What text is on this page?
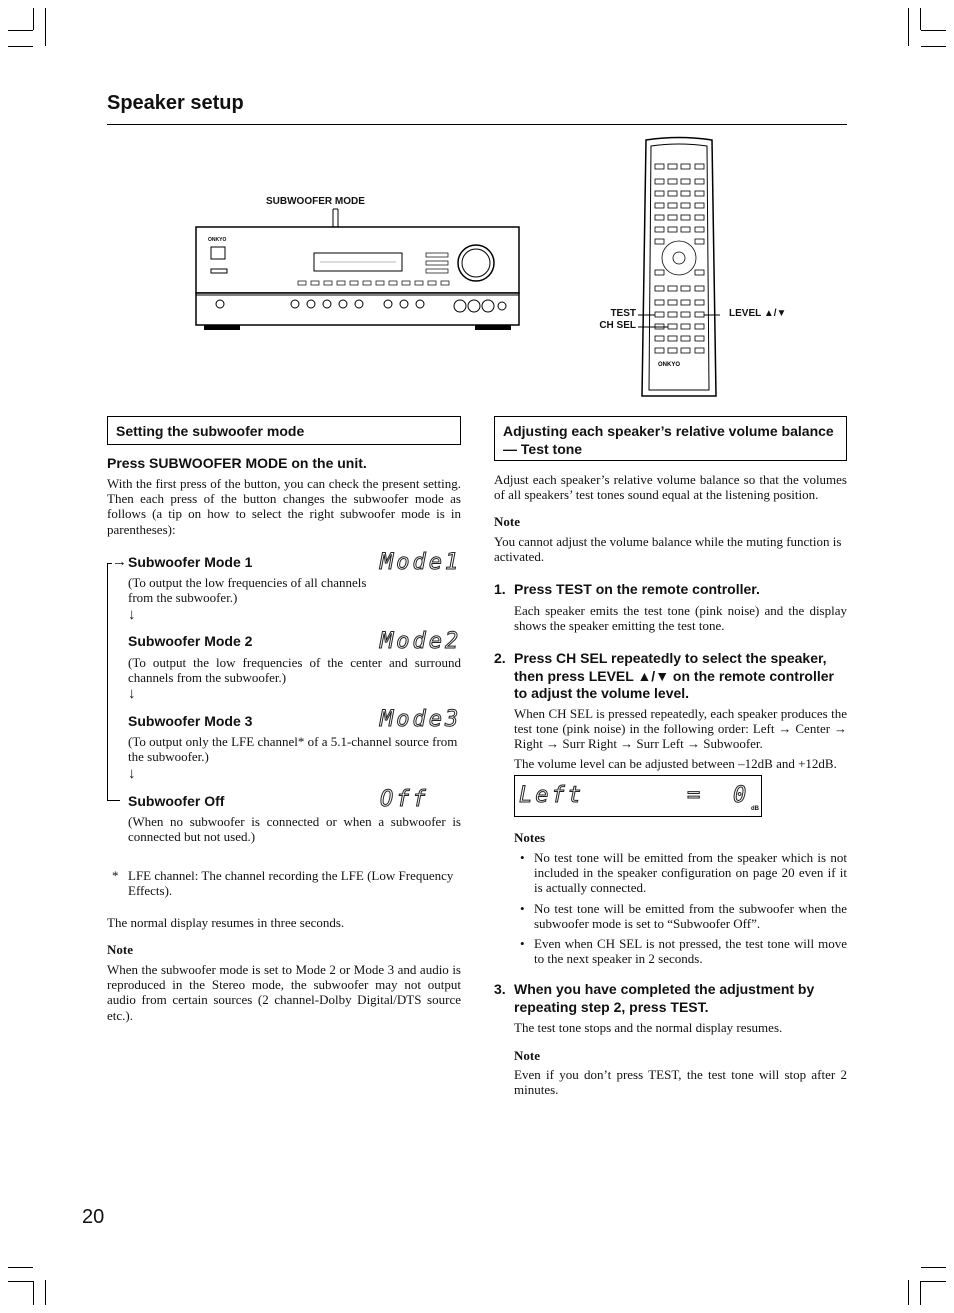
Speaker setup
SUBWOOFER MODE
ONKYO
ONKYO
TEST
CH SEL
LEVEL ▲/▼
Setting the subwoofer mode
Press SUBWOOFER MODE on the unit.
With the first press of the button, you can check the present setting. Then each press of the button changes the subwoofer mode as follows (a tip on how to select the right subwoofer mode is in parentheses):
→ Subwoofer Mode 1	Mode1
(To output the low frequencies of all channels from the subwoofer.)
↓
Subwoofer Mode 2	Mode2
(To output the low frequencies of the center and surround channels from the subwoofer.)
↓
Subwoofer Mode 3	Mode3
(To output only the LFE channel* of a 5.1-channel source from the subwoofer.)
↓
Subwoofer Off	Off
(When no subwoofer is connected or when a subwoofer is connected but not used.)
* LFE channel: The channel recording the LFE (Low Frequency Effects).
The normal display resumes in three seconds.
Note
When the subwoofer mode is set to Mode 2 or Mode 3 and audio is reproduced in the Stereo mode, the subwoofer may not output audio from certain sources (2 channel-Dolby Digital/DTS source etc.).
Adjusting each speaker’s relative volume balance — Test tone
Adjust each speaker’s relative volume balance so that the volumes of all speakers’ test tones sound equal at the listening position.
Note
You cannot adjust the volume balance while the muting function is activated.
1. Press TEST on the remote controller.
Each speaker emits the test tone (pink noise) and the display shows the speaker emitting the test tone.
2. Press CH SEL repeatedly to select the speaker, then press LEVEL ▲/▼ on the remote controller to adjust the volume level.
When CH SEL is pressed repeatedly, each speaker produces the test tone (pink noise) in the following order: Left → Center → Right → Surr Right → Surr Left → Subwoofer.
The volume level can be adjusted between –12dB and +12dB.
Left	= 0
dB
Notes
• No test tone will be emitted from the speaker which is not included in the speaker configuration on page 20 even if it is actually connected.
• No test tone will be emitted from the subwoofer when the subwoofer mode is set to “Subwoofer Off”.
• Even when CH SEL is not pressed, the test tone will move to the next speaker in 2 seconds.
3. When you have completed the adjustment by repeating step 2, press TEST.
The test tone stops and the normal display resumes.
Note
Even if you don’t press TEST, the test tone will stop after 2 minutes.
20
